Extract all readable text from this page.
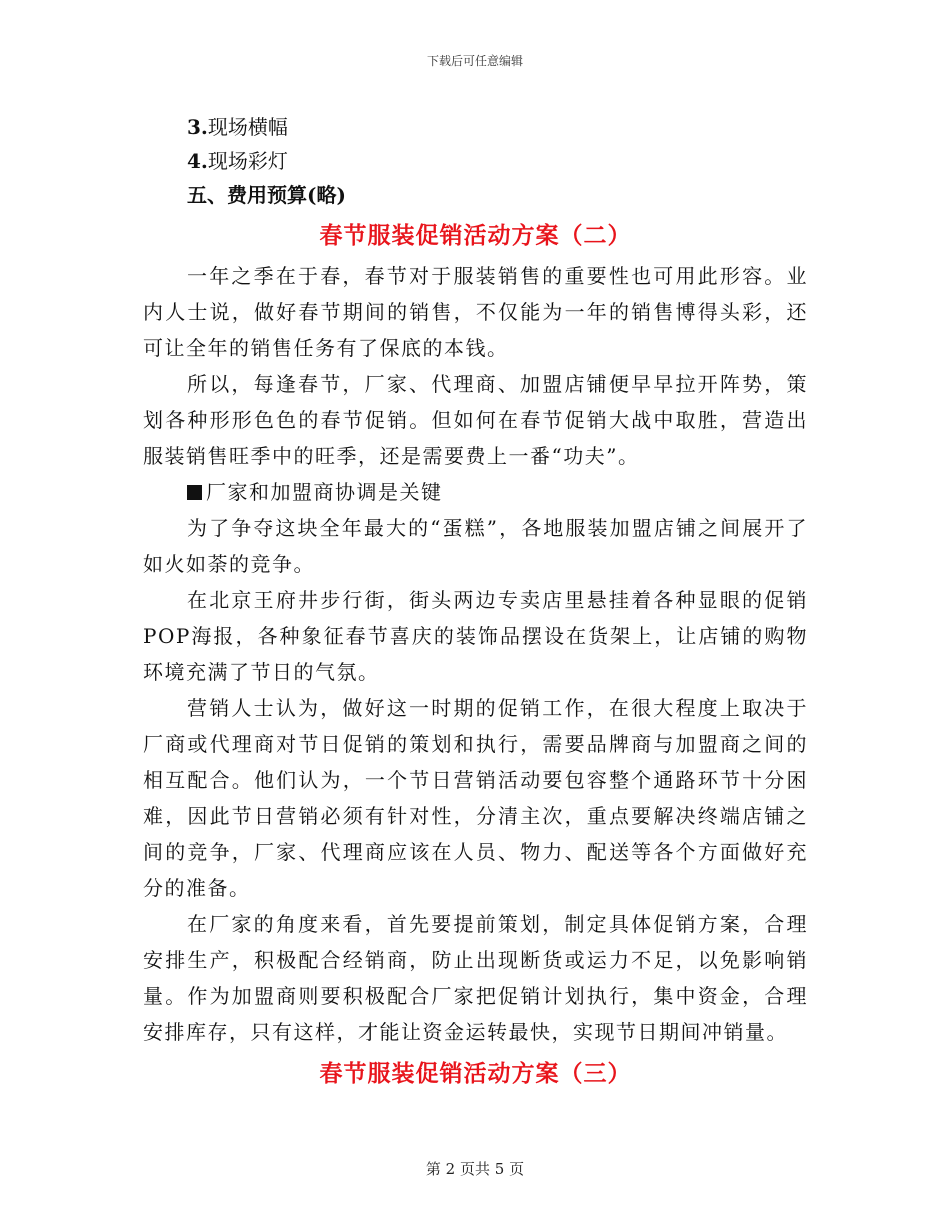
下载后可任意编辑
3.现场横幅
4.现场彩灯
五、费用预算(略)
春节服装促销活动方案（二）

一年之季在于春，春节对于服装销售的重要性也可用此形容。业内人士说，做好春节期间的销售，不仅能为一年的销售博得头彩，还可让全年的销售任务有了保底的本钱。

所以，每逢春节，厂家、代理商、加盟店铺便早早拉开阵势，策划各种形形色色的春节促销。但如何在春节促销大战中取胜，营造出服装销售旺季中的旺季，还是需要费上一番“功夫”。

厂家和加盟商协调是关键

为了争夺这块全年最大的“蛋糕”，各地服装加盟店铺之间展开了如火如荼的竞争。

在北京王府井步行街，街头两边专卖店里悬挂着各种显眼的促销POP海报，各种象征春节喜庆的装饰品摆设在货架上，让店铺的购物环境充满了节日的气氛。

营销人士认为，做好这一时期的促销工作，在很大程度上取决于厂商或代理商对节日促销的策划和执行，需要品牌商与加盟商之间的相互配合。他们认为，一个节日营销活动要包容整个通路环节十分困难，因此节日营销必须有针对性，分清主次，重点要解决终端店铺之间的竞争，厂家、代理商应该在人员、物力、配送等各个方面做好充分的准备。

在厂家的角度来看，首先要提前策划，制定具体促销方案，合理安排生产，积极配合经销商，防止出现断货或运力不足，以免影响销量。作为加盟商则要积极配合厂家把促销计划执行，集中资金，合理安排库存，只有这样，才能让资金运转最快，实现节日期间冲销量。

春节服装促销活动方案（三）
第 2 页共 5 页
